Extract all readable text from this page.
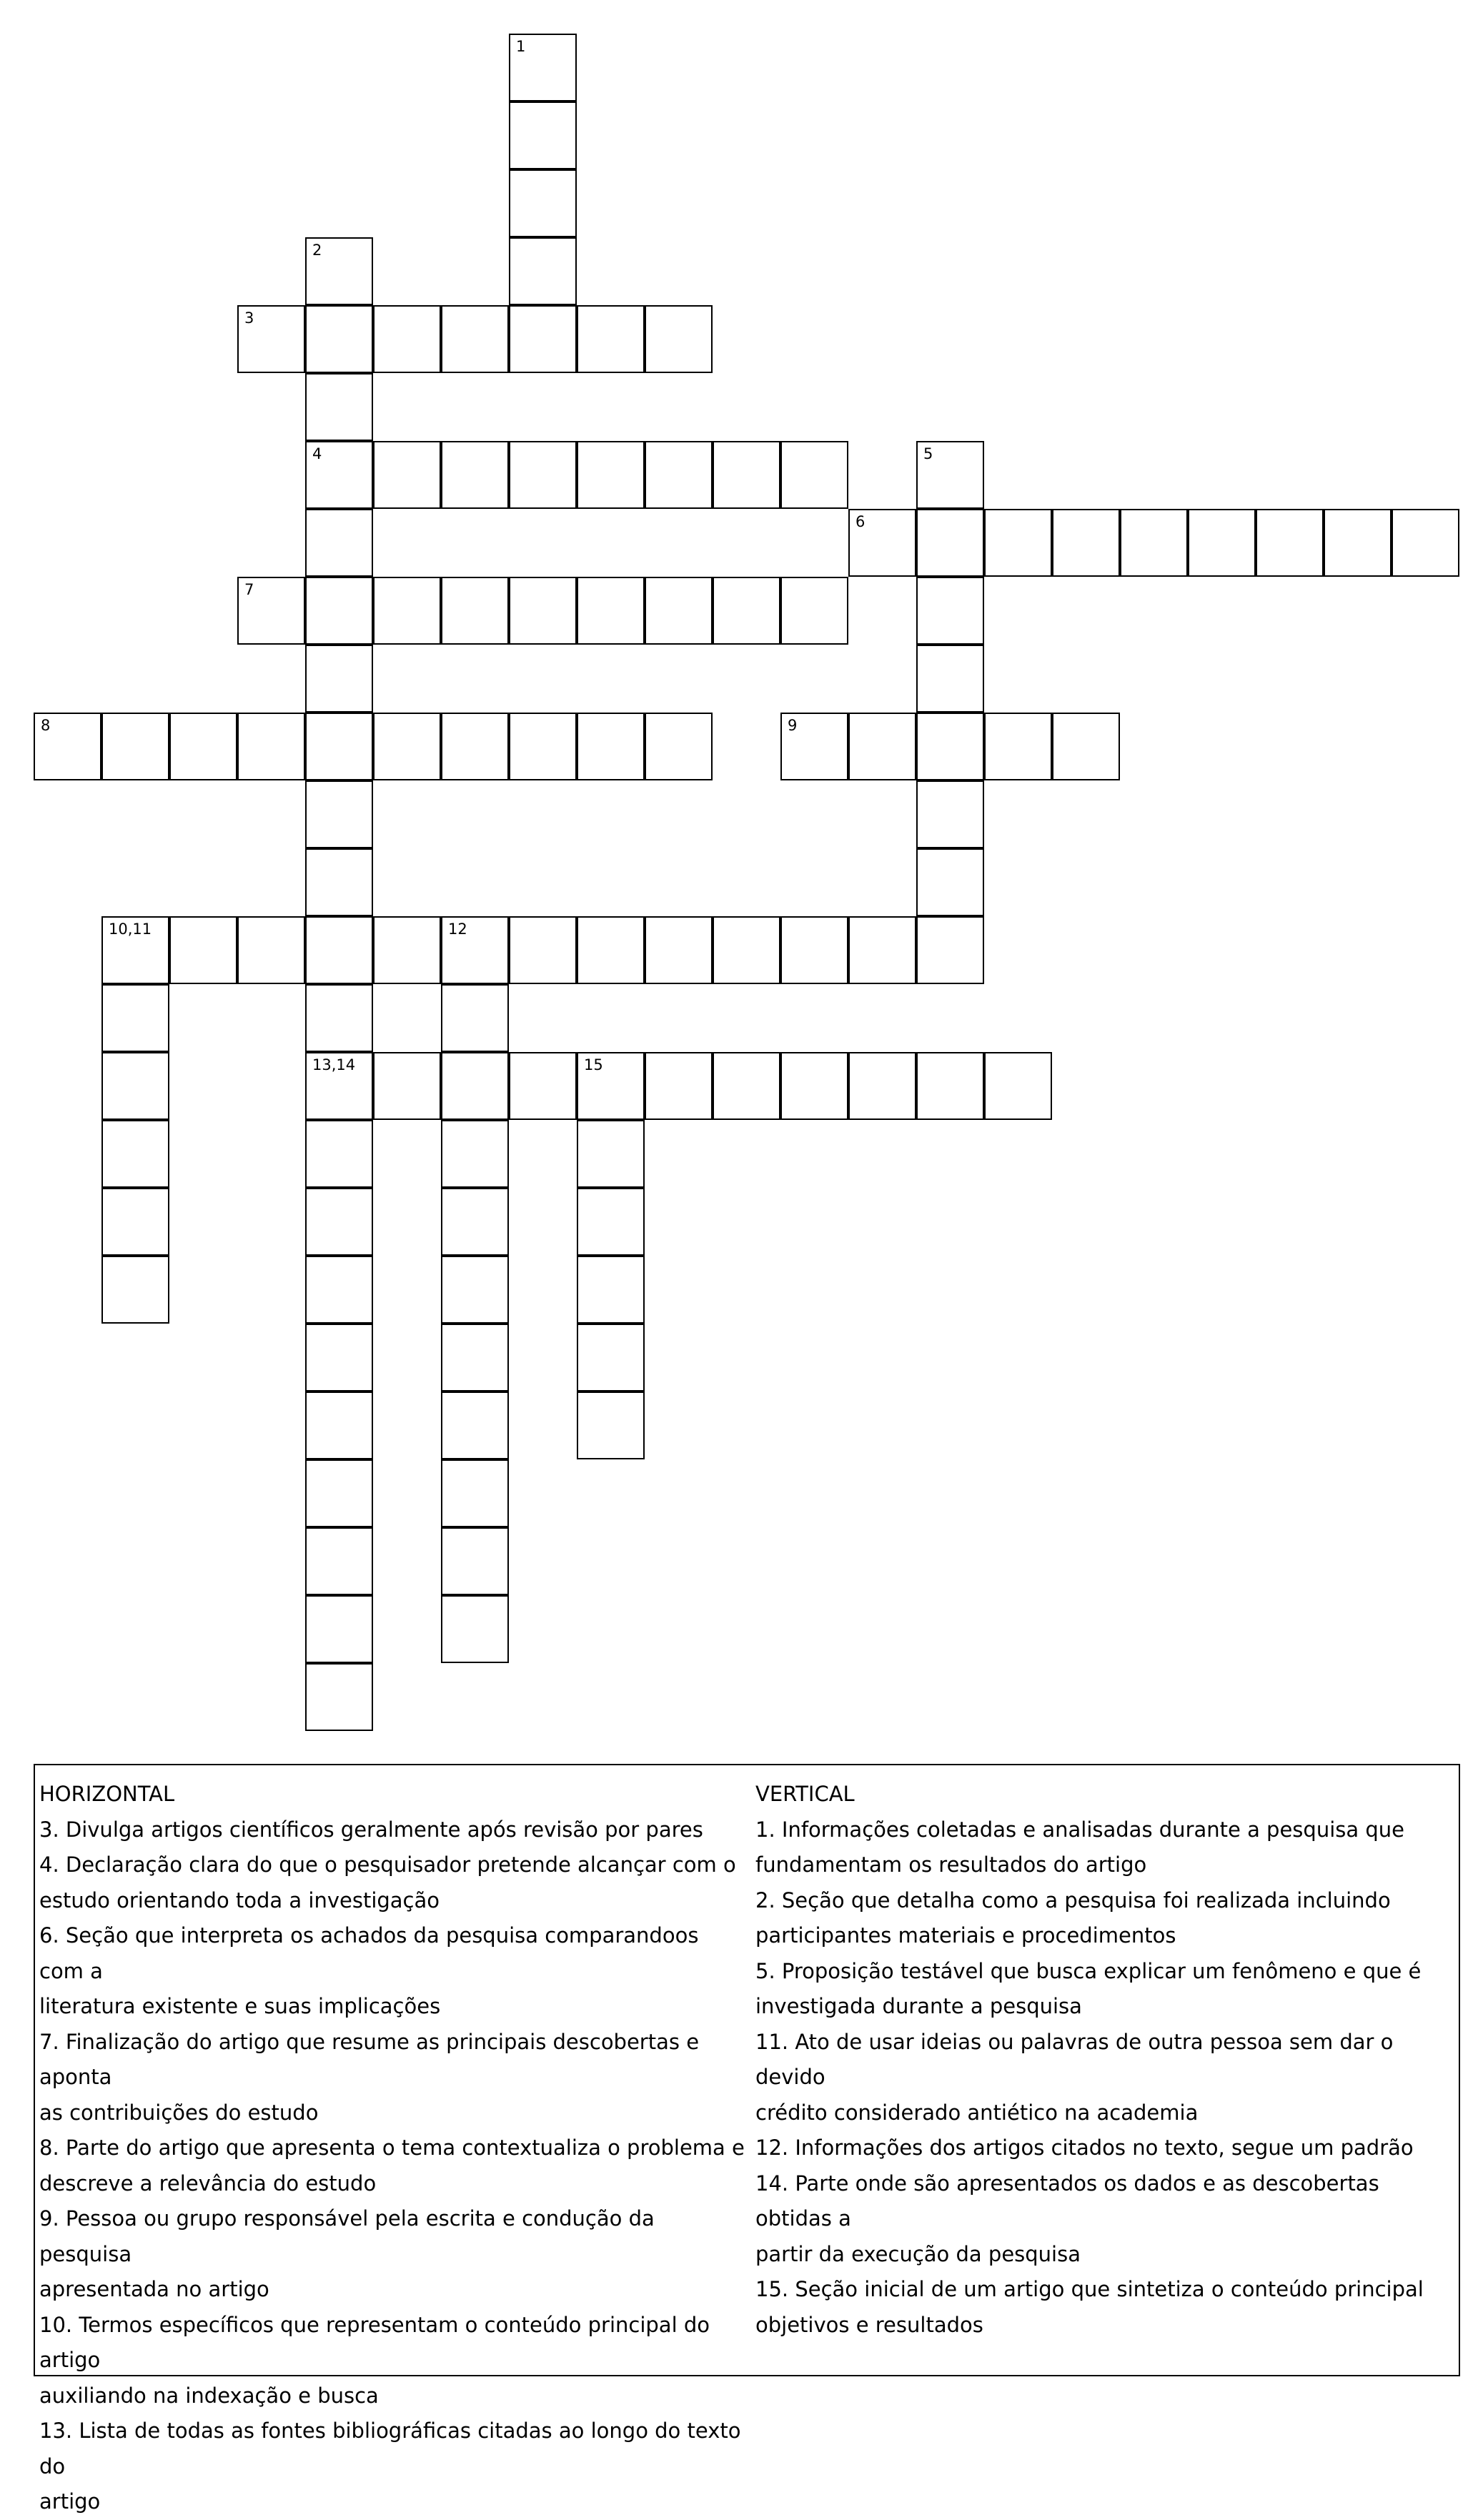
1
2
4
13,14
3
5
6
7
8	9
10,11	12
15
HORIZONTAL
3. Divulga artigos científicos geralmente após revisão por pares
4. Declaração clara do que o pesquisador pretende alcançar com o
estudo orientando toda a investigação
6. Seção que interpreta os achados da pesquisa comparandoos com a
literatura existente e suas implicações
7. Finalização do artigo que resume as principais descobertas e aponta
as contribuições do estudo
8. Parte do artigo que apresenta o tema contextualiza o problema e
descreve a relevância do estudo
9. Pessoa ou grupo responsável pela escrita e condução da pesquisa
apresentada no artigo
10. Termos específicos que representam o conteúdo principal do artigo
auxiliando na indexação e busca
13. Lista de todas as fontes bibliográficas citadas ao longo do texto do
artigo
VERTICAL
1. Informações coletadas e analisadas durante a pesquisa que
fundamentam os resultados do artigo
2. Seção que detalha como a pesquisa foi realizada incluindo
participantes materiais e procedimentos
5. Proposição testável que busca explicar um fenômeno e que é
investigada durante a pesquisa
11. Ato de usar ideias ou palavras de outra pessoa sem dar o devido
crédito considerado antiético na academia
12. Informações dos artigos citados no texto, segue um padrão
14. Parte onde são apresentados os dados e as descobertas obtidas a
partir da execução da pesquisa
15. Seção inicial de um artigo que sintetiza o conteúdo principal
objetivos e resultados
